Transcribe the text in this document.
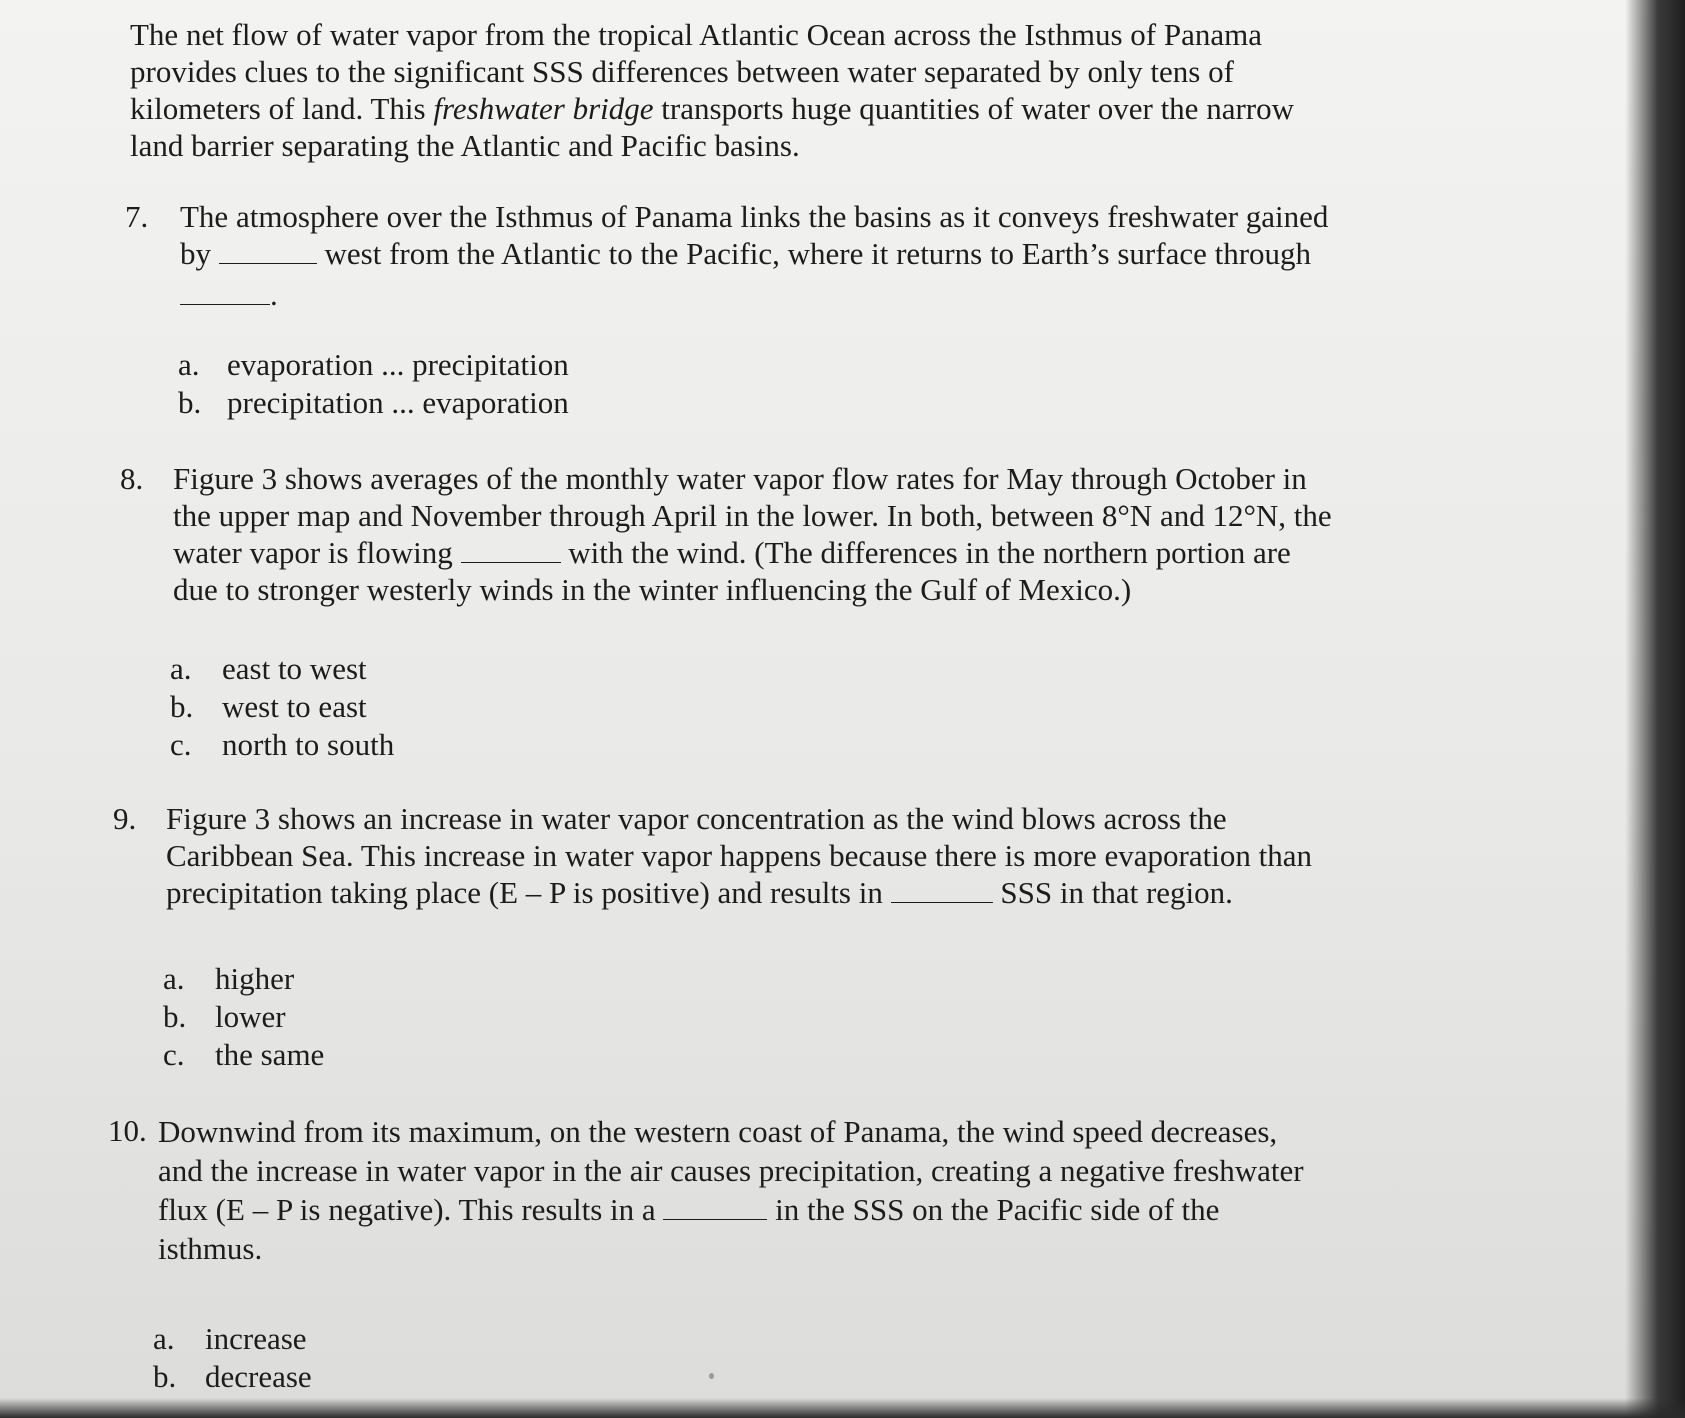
The net flow of water vapor from the tropical Atlantic Ocean across the Isthmus of Panama
provides clues to the significant SSS differences between water separated by only tens of
kilometers of land. This freshwater bridge transports huge quantities of water over the narrow
land barrier separating the Atlantic and Pacific basins.
7. The atmosphere over the Isthmus of Panama links the basins as it conveys freshwater gained
by	west from the Atlantic to the Pacific, where it returns to Earth’s surface through
.
a. evaporation ... precipitation
b. precipitation ... evaporation
8. Figure 3 shows averages of the monthly water vapor flow rates for May through October in
the upper map and November through April in the lower. In both, between 8°N and 12°N, the
water vapor is flowing	with the wind. (The differences in the northern portion are
due to stronger westerly winds in the winter influencing the Gulf of Mexico.)
a. east to west
b. west to east
c. north to south
9. Figure 3 shows an increase in water vapor concentration as the wind blows across the
Caribbean Sea. This increase in water vapor happens because there is more evaporation than
precipitation taking place (E – P is positive) and results in	SSS in that region.
a. higher
b. lower
c. the same
10. Downwind from its maximum, on the western coast of Panama, the wind speed decreases,
and the increase in water vapor in the air causes precipitation, creating a negative freshwater
flux (E – P is negative). This results in a	in the SSS on the Pacific side of the
isthmus.
a. increase
b. decrease
